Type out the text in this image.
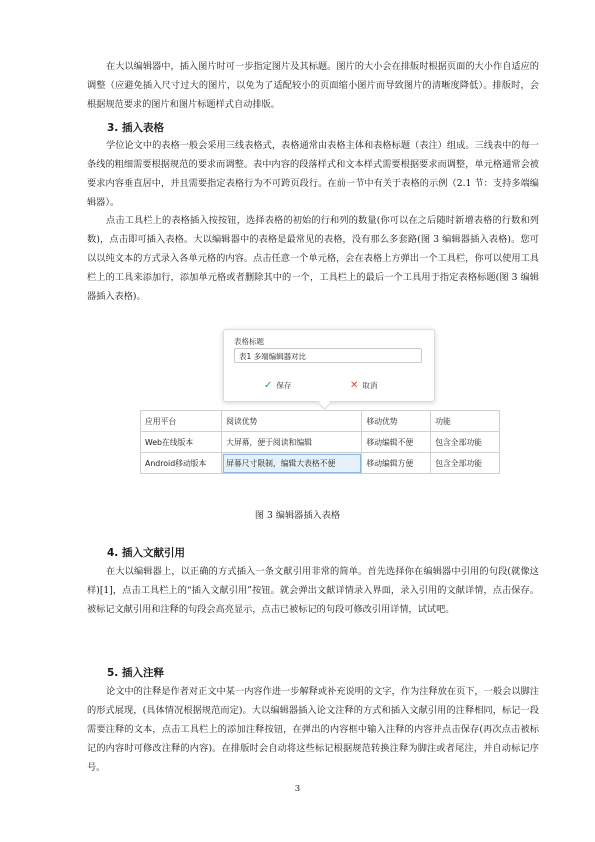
在大以编辑器中，插入图片时可一步指定图片及其标题。图片的大小会在排版时根据页面的大小作自适应的调整（应避免插入尺寸过大的图片，以免为了适配较小的页面缩小图片而导致图片的清晰度降低）。排版时，会根据规范要求的图片和图片标题样式自动排版。

3. 插入表格

学位论文中的表格一般会采用三线表格式，表格通常由表格主体和表格标题（表注）组成。三线表中的每一条线的粗细需要根据规范的要求而调整。表中内容的段落样式和文本样式需要根据要求而调整，单元格通常会被要求内容垂直居中，并且需要指定表格行为不可跨页段行。在前一节中有关于表格的示例（2.1 节：支持多端编辑器）。

点击工具栏上的表格插入按按钮，选择表格的初始的行和列的数量(你可以在之后随时新增表格的行数和列数)，点击即可插入表格。大以编辑器中的表格是最常见的表格，没有那么多套路(图 3 编辑器插入表格)。您可以以纯文本的方式录入各单元格的内容。点击任意一个单元格，会在表格上方弹出一个工具栏，你可以使用工具栏上的工具来添加行，添加单元格或者删除其中的一个，工具栏上的最后一个工具用于指定表格标题(图 3 编辑器插入表格)。

表格标题
表1 多端编辑器对比
✓ 保存	✕ 取消
应用平台	阅读优势	移动优势	功能
Web在线版本	大屏幕，便于阅读和编辑	移动编辑不便	包含全部功能
Android移动版本	屏幕尺寸限制，编辑大表格不便	移动编辑方便	包含全部功能
图 3 编辑器插入表格
4. 插入文献引用

在大以编辑器上，以正确的方式插入一条文献引用非常的简单。首先选择你在编辑器中引用的句段(就像这样)[1]，点击工具栏上的“插入文献引用”按钮。就会弹出文献详情录入界面，录入引用的文献详情，点击保存。被标记文献引用和注释的句段会高亮显示，点击已被标记的句段可修改引用详情，试试吧。

5. 插入注释

论文中的注释是作者对正文中某一内容作进一步解释或补充说明的文字，作为注释放在页下，一般会以脚注的形式展现，(具体情况根据规范而定)。大以编辑器插入论文注释的方式和插入文献引用的注释相同，标记一段需要注释的文本，点击工具栏上的添加注释按钮，在弹出的内容框中输入注释的内容并点击保存(再次点击被标记的内容时可修改注释的内容)。在排版时会自动将这些标记根据规范转换注释为脚注或者尾注，并自动标记序号。

3
